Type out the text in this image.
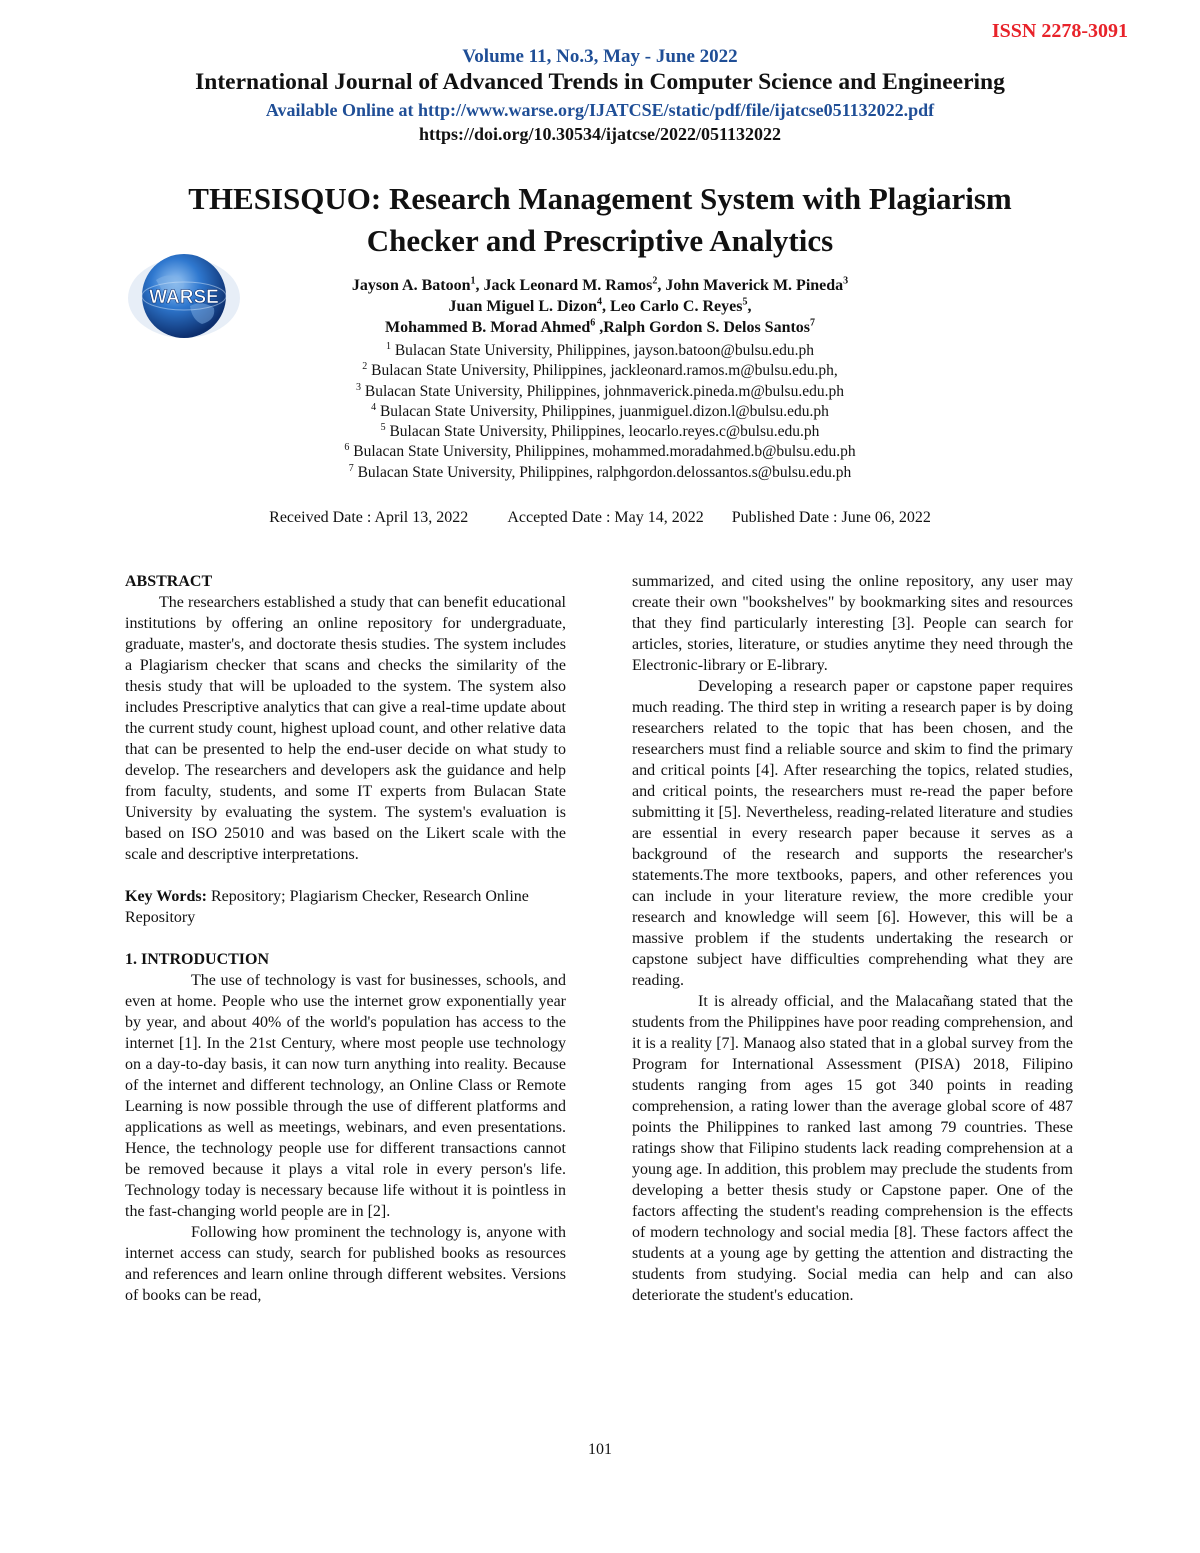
ISSN 2278-3091
Volume 11, No.3, May - June 2022
International Journal of Advanced Trends in Computer Science and Engineering
Available Online at http://www.warse.org/IJATCSE/static/pdf/file/ijatcse051132022.pdf
https://doi.org/10.30534/ijatcse/2022/051132022
THESISQUO: Research Management System with Plagiarism
Checker and Prescriptive Analytics
WARSE
Jayson A. Batoon$^1$, Jack Leonard M. Ramos$^2$, John Maverick M. Pineda$^3$
Juan Miguel L. Dizon$^4$, Leo Carlo C. Reyes$^5$,
Mohammed B. Morad Ahmed$^6$ ,Ralph Gordon S. Delos Santos$^7$
$^1$ Bulacan State University, Philippines, jayson.batoon@bulsu.edu.ph
$^2$ Bulacan State University, Philippines, jackleonard.ramos.m@bulsu.edu.ph,
$^3$ Bulacan State University, Philippines, johnmaverick.pineda.m@bulsu.edu.ph
$^4$ Bulacan State University, Philippines, juanmiguel.dizon.l@bulsu.edu.ph
$^5$ Bulacan State University, Philippines, leocarlo.reyes.c@bulsu.edu.ph
$^6$ Bulacan State University, Philippines, mohammed.moradahmed.b@bulsu.edu.ph
$^7$ Bulacan State University, Philippines, ralphgordon.delossantos.s@bulsu.edu.ph
Received Date : April 13, 2022 Accepted Date : May 14, 2022 Published Date : June 06, 2022

ABSTRACT

The researchers established a study that can benefit educational institutions by offering an online repository for undergraduate, graduate, master's, and doctorate thesis studies. The system includes a Plagiarism checker that scans and checks the similarity of the thesis study that will be uploaded to the system. The system also includes Prescriptive analytics that can give a real-time update about the current study count, highest upload count, and other relative data that can be presented to help the end-user decide on what study to develop. The researchers and developers ask the guidance and help from faculty, students, and some IT experts from Bulacan State University by evaluating the system. The system's evaluation is based on ISO 25010 and was based on the Likert scale with the scale and descriptive interpretations.

Key Words: Repository; Plagiarism Checker, Research Online Repository

1. INTRODUCTION

The use of technology is vast for businesses, schools, and even at home. People who use the internet grow exponentially year by year, and about 40% of the world's population has access to the internet [1]. In the 21st Century, where most people use technology on a day-to-day basis, it can now turn anything into reality. Because of the internet and different technology, an Online Class or Remote Learning is now possible through the use of different platforms and applications as well as meetings, webinars, and even presentations. Hence, the technology people use for different transactions cannot be removed because it plays a vital role in every person's life. Technology today is necessary because life without it is pointless in the fast-changing world people are in [2].

Following how prominent the technology is, anyone with internet access can study, search for published books as resources and references and learn online through different websites. Versions of books can be read,

summarized, and cited using the online repository, any user may create their own "bookshelves" by bookmarking sites and resources that they find particularly interesting [3]. People can search for articles, stories, literature, or studies anytime they need through the Electronic-library or E-library.

Developing a research paper or capstone paper requires much reading. The third step in writing a research paper is by doing researchers related to the topic that has been chosen, and the researchers must find a reliable source and skim to find the primary and critical points [4]. After researching the topics, related studies, and critical points, the researchers must re-read the paper before submitting it [5]. Nevertheless, reading-related literature and studies are essential in every research paper because it serves as a background of the research and supports the researcher's statements.The more textbooks, papers, and other references you can include in your literature review, the more credible your research and knowledge will seem [6]. However, this will be a massive problem if the students undertaking the research or capstone subject have difficulties comprehending what they are reading.

It is already official, and the Malacañang stated that the students from the Philippines have poor reading comprehension, and it is a reality [7]. Manaog also stated that in a global survey from the Program for International Assessment (PISA) 2018, Filipino students ranging from ages 15 got 340 points in reading comprehension, a rating lower than the average global score of 487 points the Philippines to ranked last among 79 countries. These ratings show that Filipino students lack reading comprehension at a young age. In addition, this problem may preclude the students from developing a better thesis study or Capstone paper. One of the factors affecting the student's reading comprehension is the effects of modern technology and social media [8]. These factors affect the students at a young age by getting the attention and distracting the students from studying. Social media can help and can also deteriorate the student's education.

101
